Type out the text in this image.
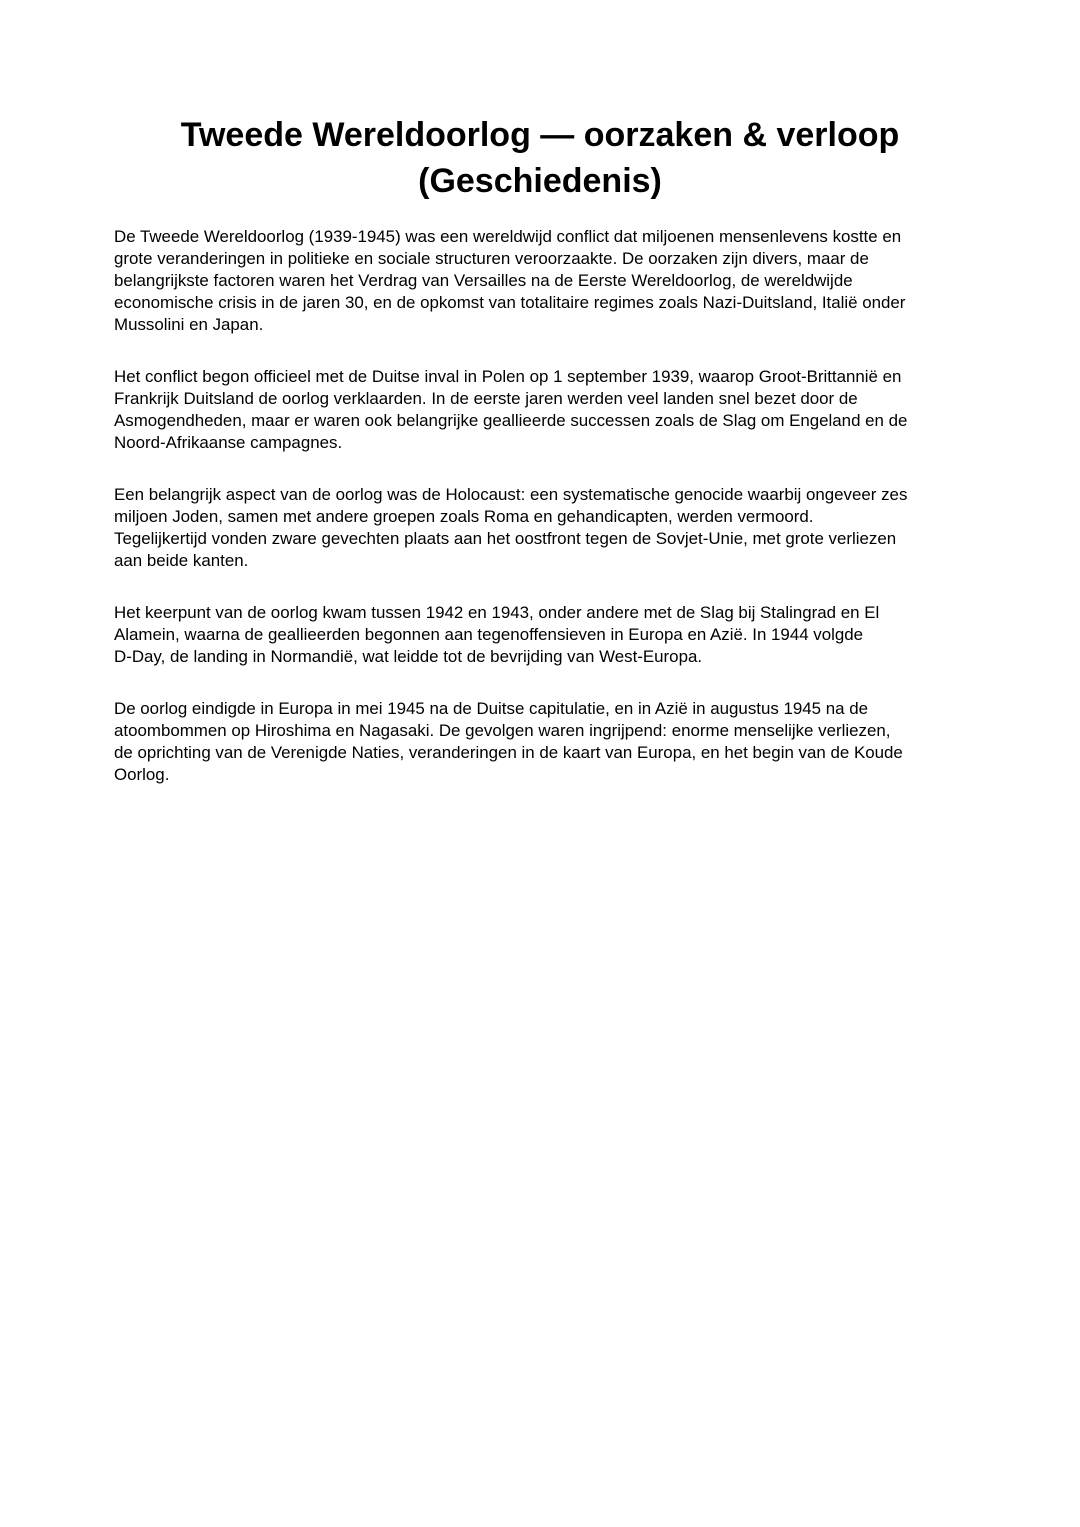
Tweede Wereldoorlog — oorzaken & verloop
(Geschiedenis)

De Tweede Wereldoorlog (1939-1945) was een wereldwijd conflict dat miljoenen mensenlevens kostte en
grote veranderingen in politieke en sociale structuren veroorzaakte. De oorzaken zijn divers, maar de
belangrijkste factoren waren het Verdrag van Versailles na de Eerste Wereldoorlog, de wereldwijde
economische crisis in de jaren 30, en de opkomst van totalitaire regimes zoals Nazi-Duitsland, Italië onder
Mussolini en Japan.

Het conflict begon officieel met de Duitse inval in Polen op 1 september 1939, waarop Groot-Brittannië en
Frankrijk Duitsland de oorlog verklaarden. In de eerste jaren werden veel landen snel bezet door de
Asmogendheden, maar er waren ook belangrijke geallieerde successen zoals de Slag om Engeland en de
Noord-Afrikaanse campagnes.

Een belangrijk aspect van de oorlog was de Holocaust: een systematische genocide waarbij ongeveer zes
miljoen Joden, samen met andere groepen zoals Roma en gehandicapten, werden vermoord.
Tegelijkertijd vonden zware gevechten plaats aan het oostfront tegen de Sovjet-Unie, met grote verliezen
aan beide kanten.

Het keerpunt van de oorlog kwam tussen 1942 en 1943, onder andere met de Slag bij Stalingrad en El
Alamein, waarna de geallieerden begonnen aan tegenoffensieven in Europa en Azië. In 1944 volgde
D-Day, de landing in Normandië, wat leidde tot de bevrijding van West-Europa.

De oorlog eindigde in Europa in mei 1945 na de Duitse capitulatie, en in Azië in augustus 1945 na de
atoombommen op Hiroshima en Nagasaki. De gevolgen waren ingrijpend: enorme menselijke verliezen,
de oprichting van de Verenigde Naties, veranderingen in de kaart van Europa, en het begin van de Koude
Oorlog.
